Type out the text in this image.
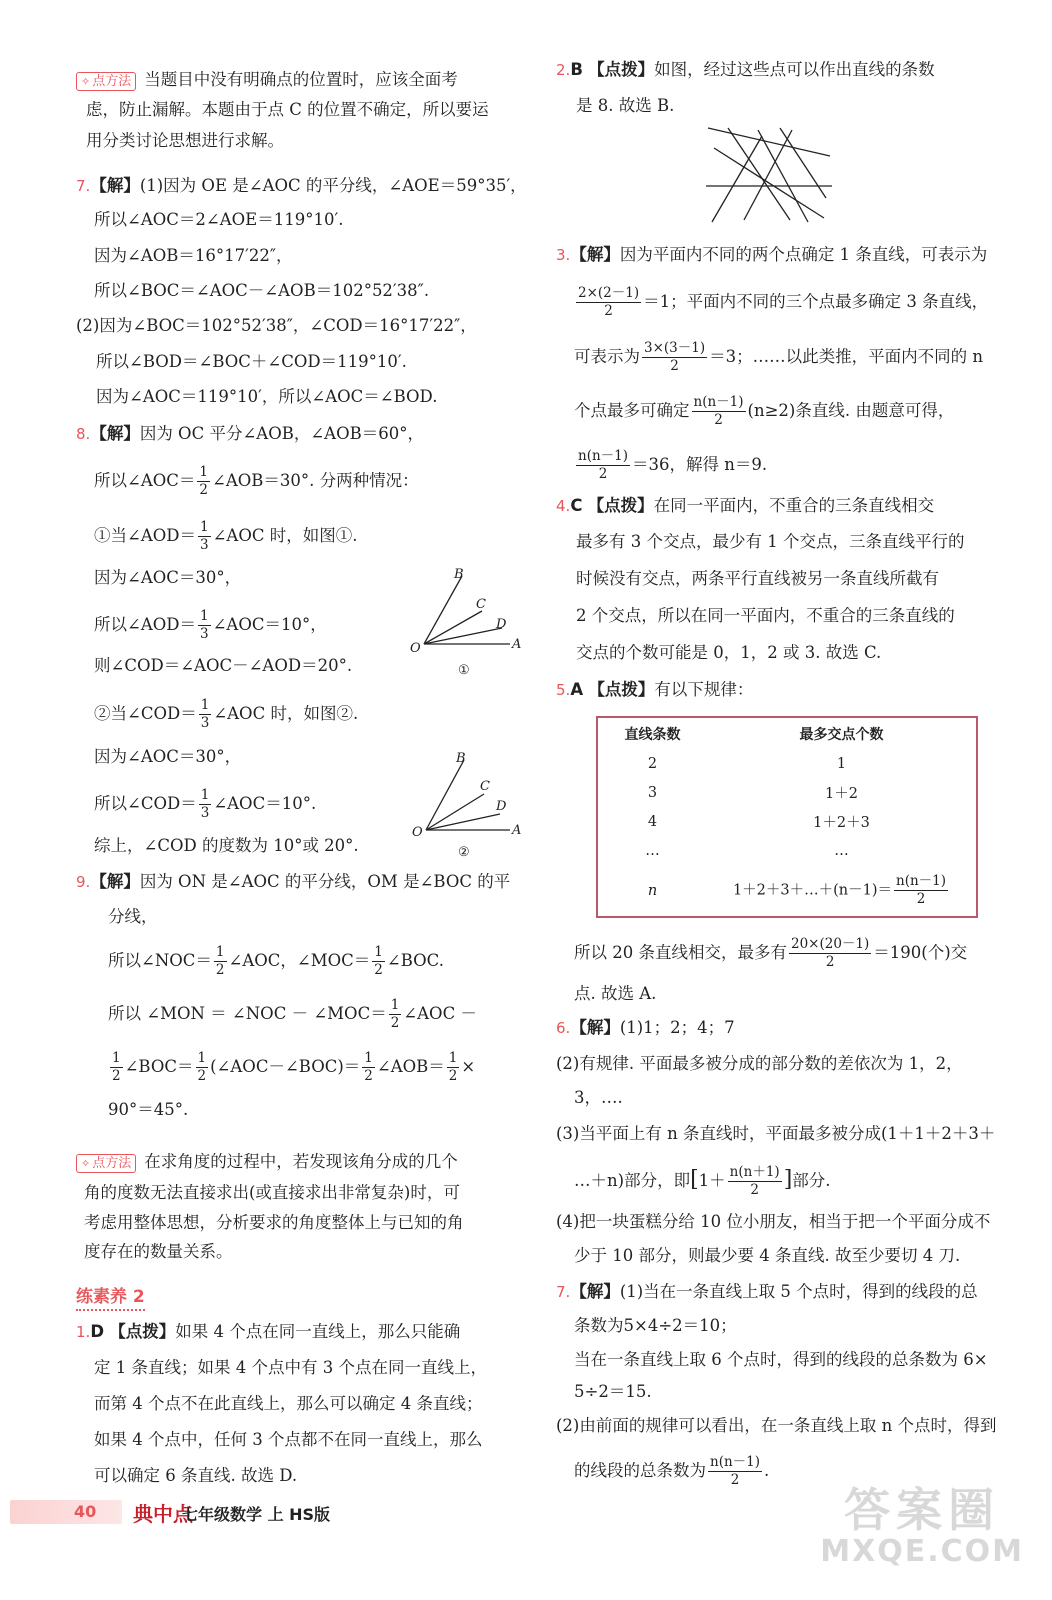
✧ 点方法 当题目中没有明确点的位置时，应该全面考
虑，防止漏解。本题由于点 C 的位置不确定，所以要运
用分类讨论思想进行求解。
7.【解】(1)因为 OE 是∠AOC 的平分线，∠AOE＝59°35′，
所以∠AOC＝2∠AOE＝119°10′.
因为∠AOB＝16°17′22″，
所以∠BOC＝∠AOC－∠AOB＝102°52′38″.
(2)因为∠BOC＝102°52′38″，∠COD＝16°17′22″，
所以∠BOD＝∠BOC＋∠COD＝119°10′.
因为∠AOC＝119°10′，所以∠AOC＝∠BOD.
8.【解】因为 OC 平分∠AOB，∠AOB＝60°，
所以∠AOC＝ $\frac{1}{2}$ ∠AOB＝30°. 分两种情况：
①当∠AOD＝ $\frac{1}{3}$ ∠AOC 时，如图①.
因为∠AOC＝30°，
所以∠AOD＝ $\frac{1}{3}$ ∠AOC＝10°，
则∠COD＝∠AOC－∠AOD＝20°.
②当∠COD＝ $\frac{1}{3}$ ∠AOC 时，如图②.
因为∠AOC＝30°，
所以∠COD＝ $\frac{1}{3}$ ∠AOC＝10°.
综上，∠COD 的度数为 10°或 20°.
B
C
D
A
O
①
B
C
D
A
O
②
9.【解】因为 ON 是∠AOC 的平分线，OM 是∠BOC 的平
分线，
所以∠NOC＝ $\frac{1}{2}$ ∠AOC，∠MOC＝ $\frac{1}{2}$ ∠BOC.
所以 ∠MON ＝ ∠NOC － ∠MOC＝ $\frac{1}{2}$ ∠AOC －
$\frac{1}{2}$ ∠BOC＝ $\frac{1}{2}$ (∠AOC－∠BOC)＝ $\frac{1}{2}$ ∠AOB＝ $\frac{1}{2}$ ×
90°＝45°.
✧ 点方法 在求角度的过程中，若发现该角分成的几个
角的度数无法直接求出(或直接求出非常复杂)时，可
考虑用整体思想，分析要求的角度整体上与已知的角
度存在的数量关系。
练素养 2
1.D 【点拨】如果 4 个点在同一直线上，那么只能确
定 1 条直线；如果 4 个点中有 3 个点在同一直线上，
而第 4 个点不在此直线上，那么可以确定 4 条直线；
如果 4 个点中，任何 3 个点都不在同一直线上，那么
可以确定 6 条直线. 故选 D.
2.B 【点拨】如图，经过这些点可以作出直线的条数
是 8. 故选 B.
3.【解】因为平面内不同的两个点确定 1 条直线，可表示为
$\frac{2\times(2-1)}{2} =1$；平面内不同的三个点最多确定 3 条直线，
可表示为 $\frac{3\times(3-1)}{2} =3$；……以此类推，平面内不同的 n
个点最多可确定 $\frac{n(n-1)}{2} (n\ge 2)$条直线. 由题意可得，
$\frac{n(n-1)}{2} =36$，解得 n＝9.
4.C 【点拨】在同一平面内，不重合的三条直线相交
最多有 3 个交点，最少有 1 个交点，三条直线平行的
时候没有交点，两条平行直线被另一条直线所截有
2 个交点，所以在同一平面内，不重合的三条直线的
交点的个数可能是 0，1，2 或 3. 故选 C.
5.A 【点拨】有以下规律：
直线条数	最多交点个数
2	1
3	1＋2
4	1＋2＋3
…	…
n	1＋2＋3＋…＋(n－1)＝ $\frac{n(n-1)}{2}$
所以 20 条直线相交，最多有 $\frac{20\times(20-1)}{2} =190$(个)交
点. 故选 A.
6.【解】(1)1；2；4；7
(2)有规律. 平面最多被分成的部分数的差依次为 1，2，
3，….
(3)当平面上有 n 条直线时，平面最多被分成(1＋1＋2＋3＋
…＋n)部分，即[$1+ \frac{n(n+1)}{2}$ ]部分.
(4)把一块蛋糕分给 10 位小朋友，相当于把一个平面分成不
少于 10 部分，则最少要 4 条直线. 故至少要切 4 刀.
7.【解】(1)当在一条直线上取 5 个点时，得到的线段的总
条数为5×4÷2＝10；
当在一条直线上取 6 个点时，得到的线段的总条数为 6×
5÷2＝15.
(2)由前面的规律可以看出，在一条直线上取 n 个点时，得到
的线段的总条数为 $\frac{n(n-1)}{2}$ .
40 典中点
七年级数学 上 HS版	答案圈
MXQE.COM
